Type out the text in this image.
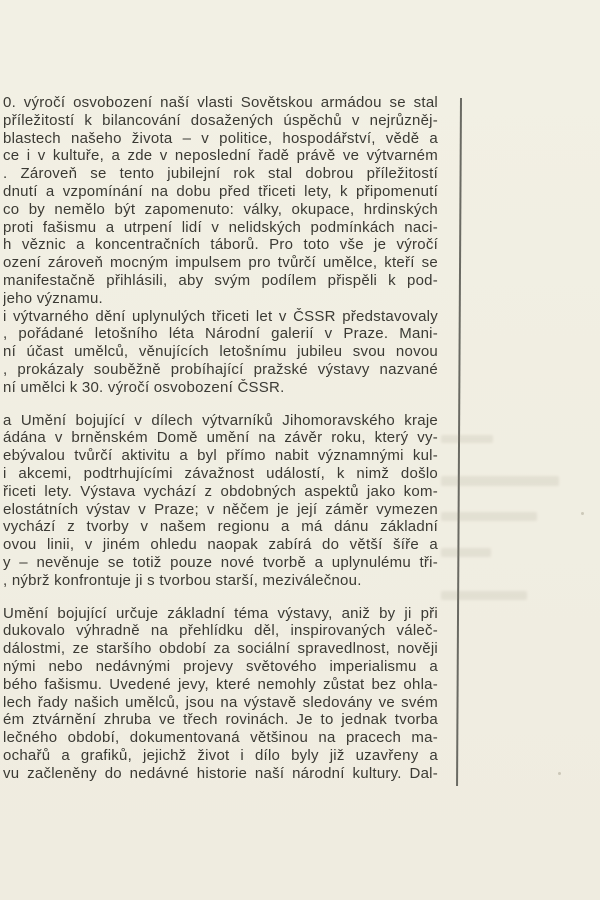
0. výročí osvobození naší vlasti Sovětskou armádou se stal
příležitostí k bilancování dosažených úspěchů v nejrůzněj-
blastech našeho života – v politice, hospodářství, vědě a
ce i v kultuře, a zde v neposlední řadě právě ve výtvarném
. Zároveň se tento jubilejní rok stal dobrou příležitostí
dnutí a vzpomínání na dobu před třiceti lety, k připomenutí
co by nemělo být zapomenuto: války, okupace, hrdinských
proti fašismu a utrpení lidí v nelidských podmínkách naci-
h věznic a koncentračních táborů. Pro toto vše je výročí
ození zároveň mocným impulsem pro tvůrčí umělce, kteří se
manifestačně přihlásili, aby svým podílem přispěli k pod-
jeho významu.
i výtvarného dění uplynulých třiceti let v ČSSR představovaly
, pořádané letošního léta Národní galerií v Praze. Mani-
ní účast umělců, věnujících letošnímu jubileu svou novou
, prokázaly souběžně probíhající pražské výstavy nazvané
ní umělci k 30. výročí osvobození ČSSR.
a Umění bojující v dílech výtvarníků Jihomoravského kraje
ádána v brněnském Domě umění na závěr roku, který vy-
ebývalou tvůrčí aktivitu a byl přímo nabit významnými kul-
i akcemi, podtrhujícími závažnost událostí, k nimž došlo
řiceti lety. Výstava vychází z obdobných aspektů jako kom-
elostátních výstav v Praze; v něčem je její záměr vymezen
vychází z tvorby v našem regionu a má dánu základní
ovou linii, v jiném ohledu naopak zabírá do větší šíře a
y – nevěnuje se totiž pouze nové tvorbě a uplynulému tři-
, nýbrž konfrontuje ji s tvorbou starší, meziválečnou.
Umění bojující určuje základní téma výstavy, aniž by ji při
dukovalo výhradně na přehlídku děl, inspirovaných váleč-
dálostmi, ze staršího období za sociální spravedlnost, nověji
nými nebo nedávnými projevy světového imperialismu a
bého fašismu. Uvedené jevy, které nemohly zůstat bez ohla-
lech řady našich umělců, jsou na výstavě sledovány ve svém
ém ztvárnění zhruba ve třech rovinách. Je to jednak tvorba
lečného období, dokumentovaná většinou na pracech ma-
ochařů a grafiků, jejichž život i dílo byly již uzavřeny a
vu začleněny do nedávné historie naší národní kultury. Dal-
